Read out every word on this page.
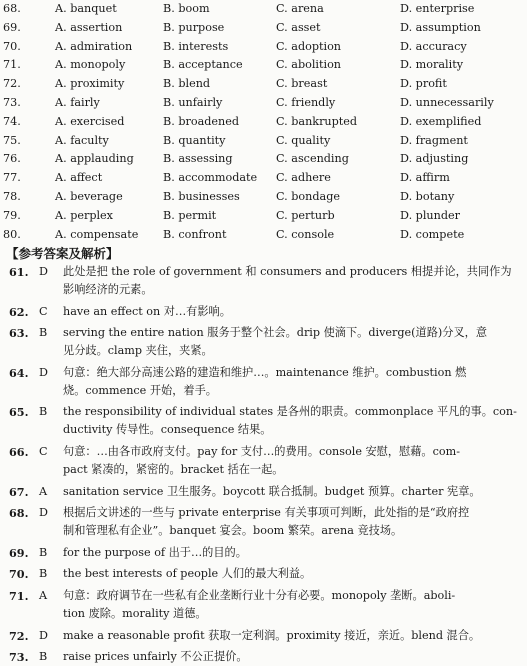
68.	A. banquet	B. boom	C. arena	D. enterprise
69.	A. assertion	B. purpose	C. asset	D. assumption
70.	A. admiration	B. interests	C. adoption	D. accuracy
71.	A. monopoly	B. acceptance	C. abolition	D. morality
72.	A. proximity	B. blend	C. breast	D. profit
73.	A. fairly	B. unfairly	C. friendly	D. unnecessarily
74.	A. exercised	B. broadened	C. bankrupted	D. exemplified
75.	A. faculty	B. quantity	C. quality	D. fragment
76.	A. applauding	B. assessing	C. ascending	D. adjusting
77.	A. affect	B. accommodate C. adhere	D. affirm
78.	A. beverage	B. businesses	C. bondage	D. botany
79.	A. perplex	B. permit	C. perturb	D. plunder
80.	A. compensate B. confront	C. console	D. compete
【参考答案及解析】
61. D 此处是把 the role of government 和 consumers and producers 相提并论，共同作为
影响经济的元素。
62. C have an effect on 对…有影响。
63. B serving the entire nation 服务于整个社会。drip 使滴下。diverge(道路)分叉，意
见分歧。clamp 夹住，夹紧。
64. D 句意：绝大部分高速公路的建造和维护…。maintenance 维护。combustion 燃
烧。commence 开始，着手。
65. B the responsibility of individual states 是各州的职责。commonplace 平凡的事。con-
ductivity 传导性。consequence 结果。
66. C 句意：…由各市政府支付。pay for 支付…的费用。console 安慰，慰藉。com-
pact 紧凑的，紧密的。bracket 括在一起。
67. A sanitation service 卫生服务。boycott 联合抵制。budget 预算。charter 宪章。
68. D 根据后文讲述的一些与 private enterprise 有关事项可判断，此处指的是“政府控
制和管理私有企业”。banquet 宴会。boom 繁荣。arena 竞技场。
69. B for the purpose of 出于…的目的。
70. B the best interests of people 人们的最大利益。
71. A 句意：政府调节在一些私有企业垄断行业十分有必要。monopoly 垄断。aboli-
tion 废除。morality 道德。
72. D make a reasonable profit 获取一定利润。proximity 接近，亲近。blend 混合。
73. B raise prices unfairly 不公正提价。
